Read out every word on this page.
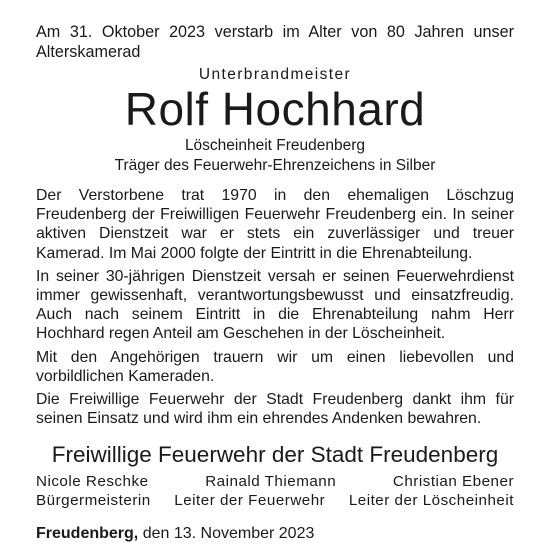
Am 31. Oktober 2023 verstarb im Alter von 80 Jahren unser
Alterskamerad

Unterbrandmeister
Rolf Hochhard
Löscheinheit Freudenberg
Träger des Feuerwehr-Ehrenzeichens in Silber

Der Verstorbene trat 1970 in den ehemaligen Löschzug Freudenberg der Freiwilligen Feuerwehr Freudenberg ein. In seiner aktiven Dienstzeit war er stets ein zuverlässiger und treuer Kamerad. Im Mai 2000 folgte der Eintritt in die Ehrenabteilung.

In seiner 30-jährigen Dienstzeit versah er seinen Feuerwehrdienst immer gewissenhaft, verantwortungsbewusst und einsatzfreudig. Auch nach seinem Eintritt in die Ehrenabteilung nahm Herr Hochhard regen Anteil am Geschehen in der Löscheinheit.

Mit den Angehörigen trauern wir um einen liebevollen und vorbildlichen Kameraden.

Die Freiwillige Feuerwehr der Stadt Freudenberg dankt ihm für seinen Einsatz und wird ihm ein ehrendes Andenken bewahren.

Freiwillige Feuerwehr der Stadt Freudenberg
Nicole Reschke	Rainald Thiemann	Christian Ebener
Bürgermeisterin Leiter der Feuerwehr Leiter der Löscheinheit
Freudenberg, den 13. November 2023
